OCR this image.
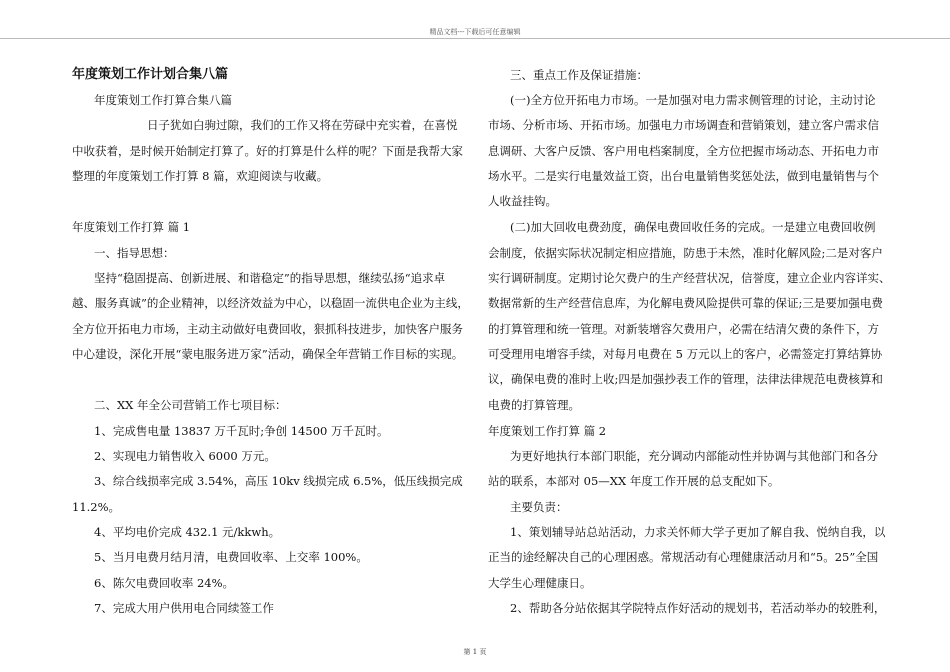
精品文档---下载后可任意编辑
年度策划工作计划合集八篇
年度策划工作打算合集八篇
日子犹如白驹过隙，我们的工作又将在劳碌中充实着，在喜悦
中收获着，是时候开始制定打算了。好的打算是什么样的呢？下面是我帮大家
整理的年度策划工作打算 8 篇，欢迎阅读与收藏。
年度策划工作打算 篇 1
一、指导思想：
坚持“稳固提高、创新进展、和谐稳定”的指导思想，继续弘扬“追求卓
越、服务真诚”的企业精神，以经济效益为中心，以稳固一流供电企业为主线，
全方位开拓电力市场，主动主动做好电费回收，狠抓科技进步，加快客户服务
中心建设，深化开展“蒙电服务进万家”活动，确保全年营销工作目标的实现。
二、XX 年全公司营销工作七项目标：
1、完成售电量 13837 万千瓦时;争创 14500 万千瓦时。
2、实现电力销售收入 6000 万元。
3、综合线损率完成 3.54%，高压 10kv 线损完成 6.5%，低压线损完成
11.2%。
4、平均电价完成 432.1 元/kkwh。
5、当月电费月结月清，电费回收率、上交率 100%。
6、陈欠电费回收率 24%。
7、完成大用户供用电合同续签工作
三、重点工作及保证措施：
(一)全方位开拓电力市场。一是加强对电力需求侧管理的讨论，主动讨论
市场、分析市场、开拓市场。加强电力市场调查和营销策划，建立客户需求信
息调研、大客户反馈、客户用电档案制度，全方位把握市场动态、开拓电力市
场水平。二是实行电量效益工资，出台电量销售奖惩处法，做到电量销售与个
人收益挂钩。
(二)加大回收电费劲度，确保电费回收任务的完成。一是建立电费回收例
会制度，依据实际状况制定相应措施，防患于未然，准时化解风险;二是对客户
实行调研制度。定期讨论欠费户的生产经营状况，信誉度，建立企业内容详实、
数据常新的生产经营信息库，为化解电费风险提供可靠的保证;三是要加强电费
的打算管理和统一管理。对新装增容欠费用户，必需在结清欠费的条件下，方
可受理用电增容手续，对每月电费在 5 万元以上的客户，必需签定打算结算协
议，确保电费的准时上收;四是加强抄表工作的管理，法律法律规范电费核算和
电费的打算管理。
年度策划工作打算 篇 2
为更好地执行本部门职能，充分调动内部能动性并协调与其他部门和各分
站的联系，本部对 05—XX 年度工作开展的总支配如下。
主要负责：
1、策划辅导站总站活动，力求关怀师大学子更加了解自我、悦纳自我，以
正当的途经解决自己的心理困惑。常规活动有心理健康活动月和“5。25”全国
大学生心理健康日。
2、帮助各分站依据其学院特点作好活动的规划书，若活动举办的较胜利，
第 1 页
